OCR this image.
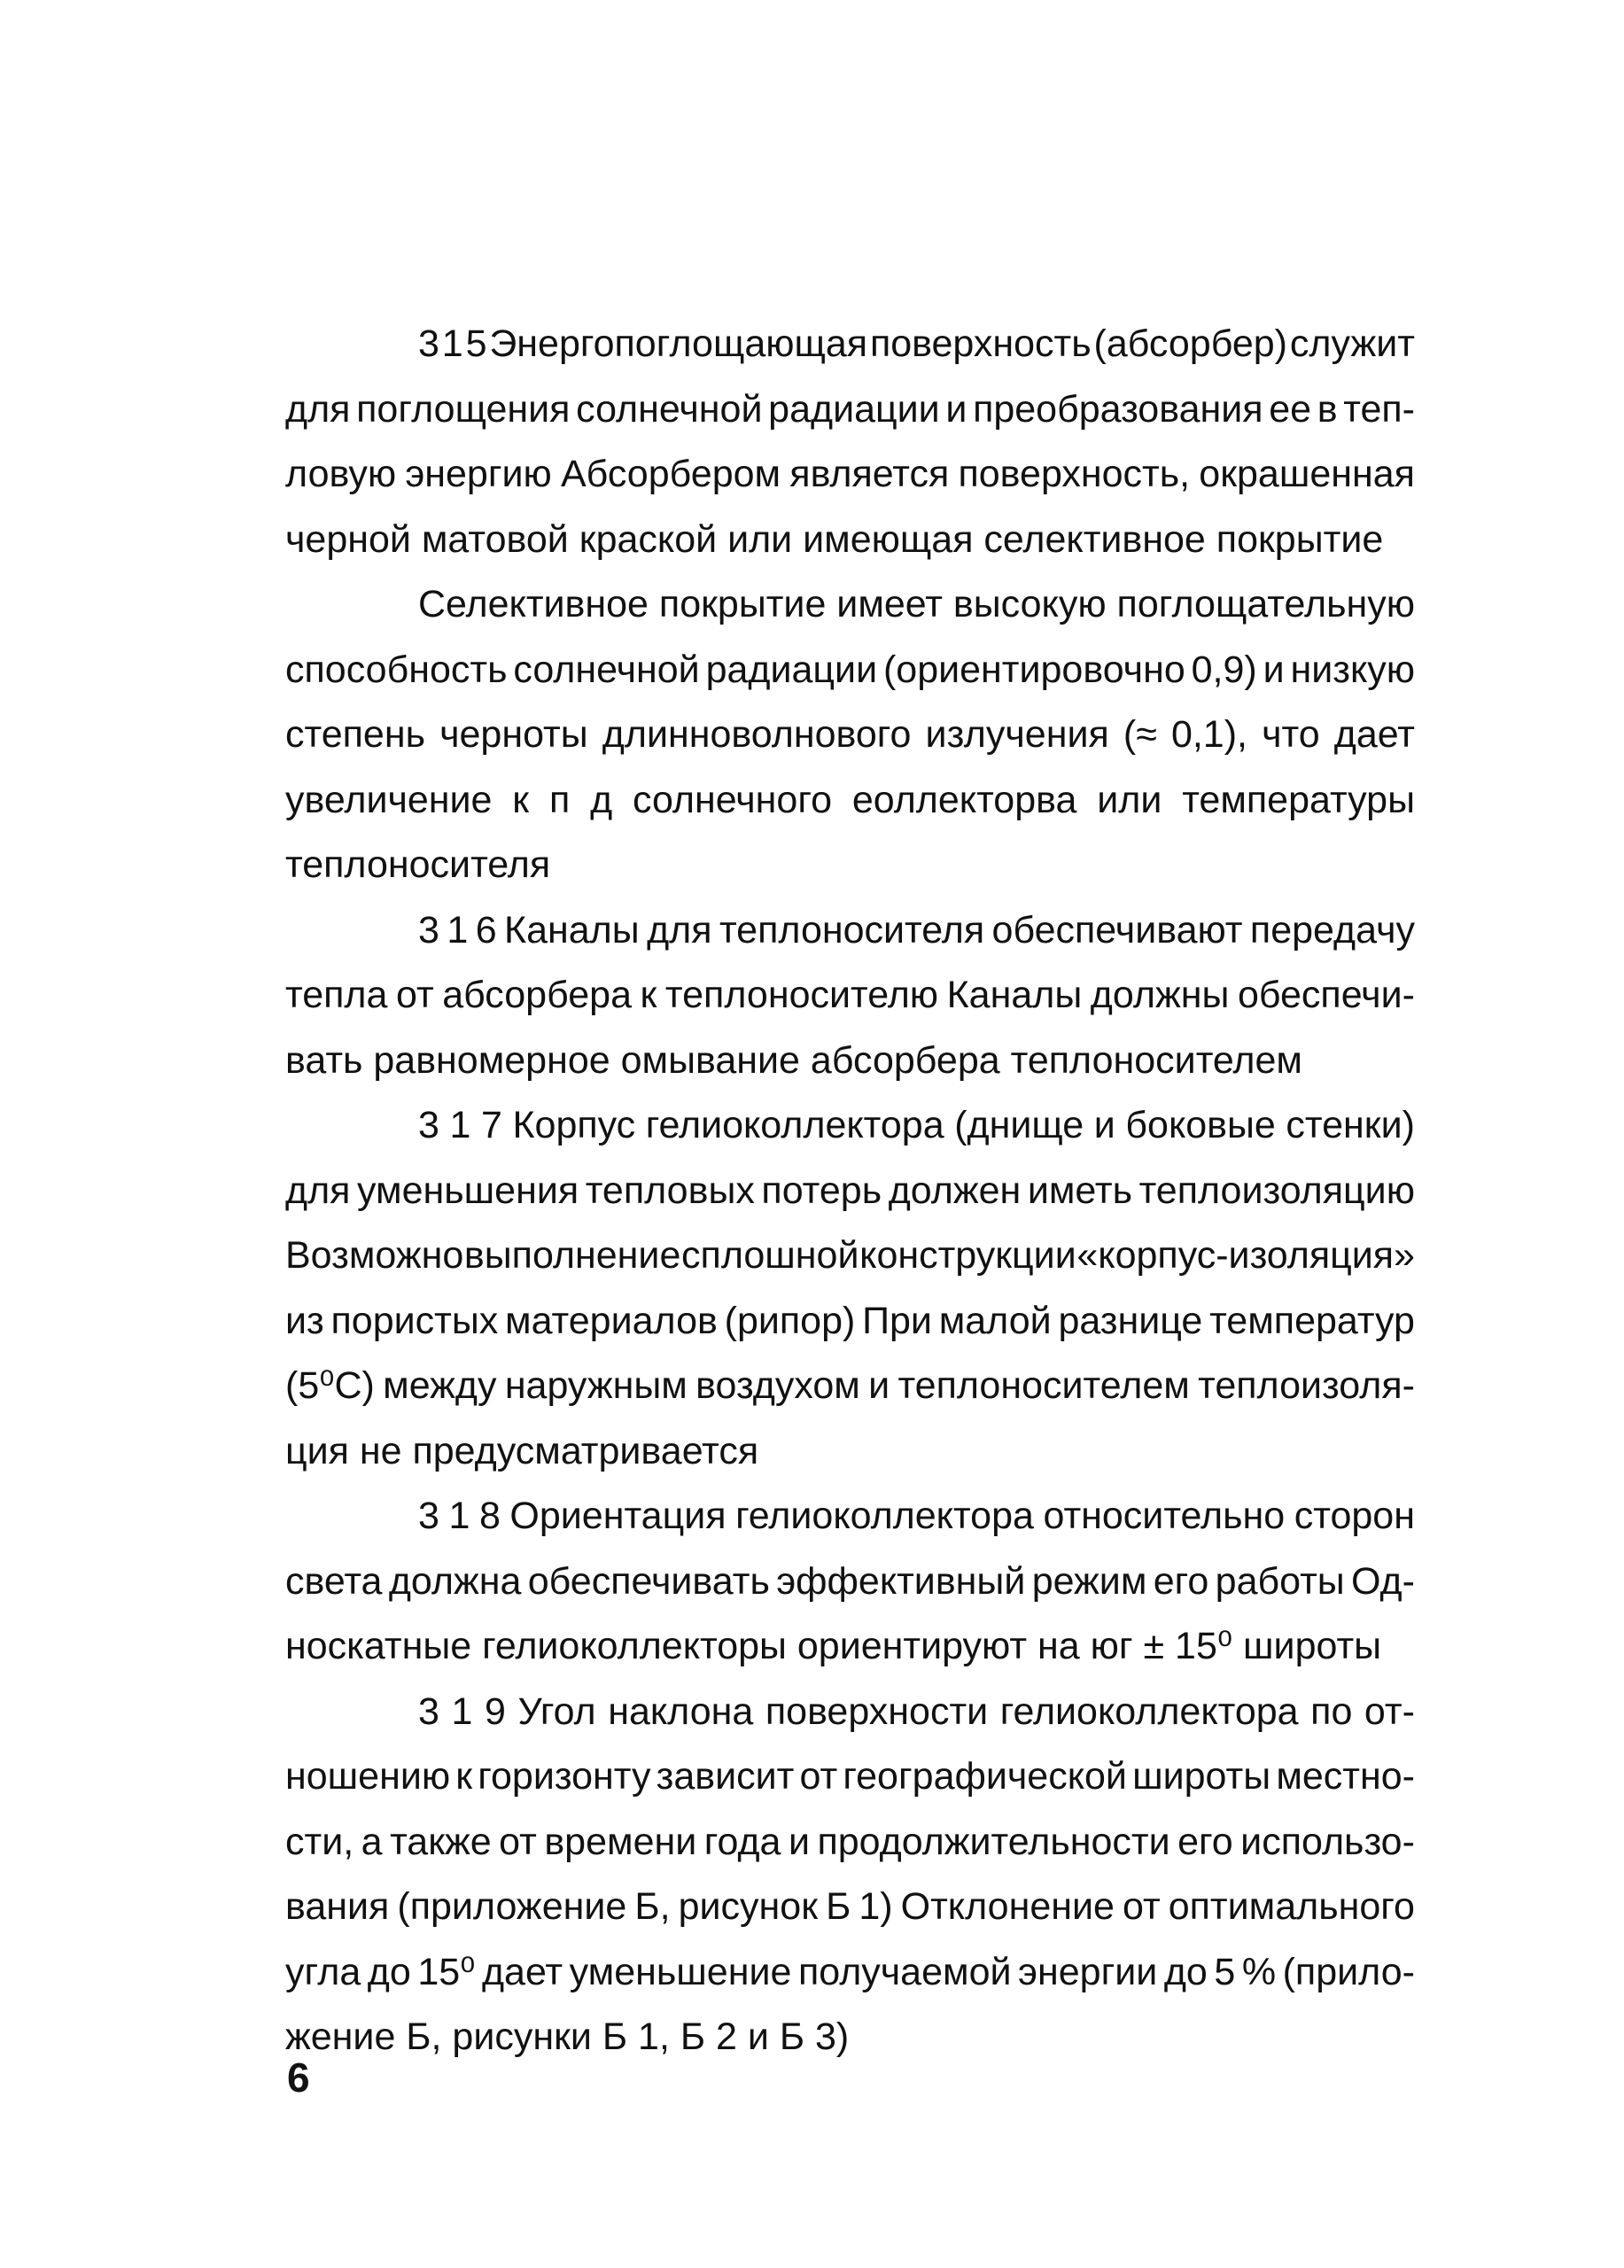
3 1 5 Энергопоглощающая поверхность (абсорбер) служит
для поглощения солнечной радиации и преобразования ее в теп-
ловую энергию Абсорбером является поверхность, окрашенная
черной матовой краской или имеющая селективное покрытие
Селективное покрытие имеет высокую поглощательную
способность солнечной радиации (ориентировочно 0,9) и низкую
степень черноты длинноволнового излучения (≈ 0,1), что дает
увеличение к п д солнечного еоллекторва или температуры
теплоносителя
3 1 6 Каналы для теплоносителя обеспечивают передачу
тепла от абсорбера к теплоносителю Каналы должны обеспечи-
вать равномерное омывание абсорбера теплоносителем
3 1 7 Корпус гелиоколлектора (днище и боковые стенки)
для уменьшения тепловых потерь должен иметь теплоизоляцию
Возможно выполнение сплошной конструкции «корпус-изоляция»
из пористых материалов (рипор) При малой разнице температур
(5⁰С) между наружным воздухом и теплоносителем теплоизоля-
ция не предусматривается
3 1 8 Ориентация гелиоколлектора относительно сторон
света должна обеспечивать эффективный режим его работы Од-
носкатные гелиоколлекторы ориентируют на юг ± 15⁰ широты
3 1 9 Угол наклона поверхности гелиоколлектора по от-
ношению к горизонту зависит от географической широты местно-
сти, а также от времени года и продолжительности его использо-
вания (приложение Б, рисунок Б 1) Отклонение от оптимального
угла до 15⁰ дает уменьшение получаемой энергии до 5 % (прило-
жение Б, рисунки Б 1, Б 2 и Б 3)
6
